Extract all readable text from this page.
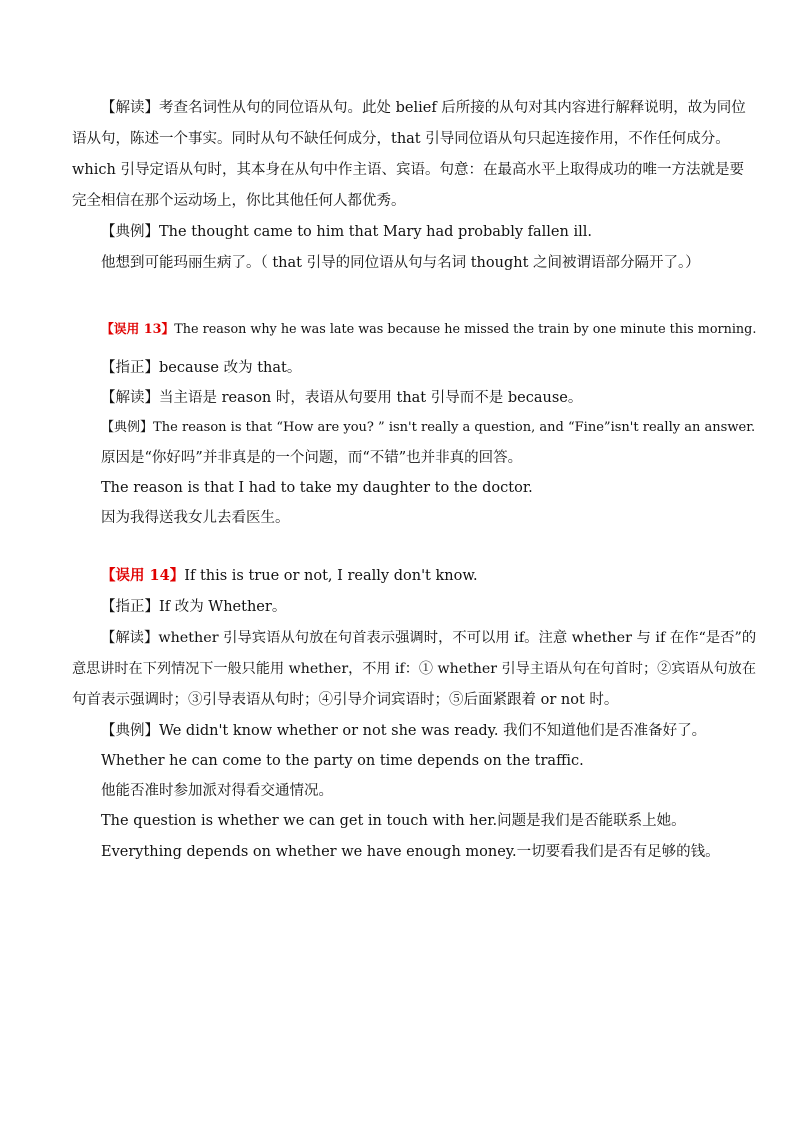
【解读】考查名词性从句的同位语从句。此处 belief 后所接的从句对其内容进行解释说明，故为同位

语从句，陈述一个事实。同时从句不缺任何成分，that 引导同位语从句只起连接作用，不作任何成分。

which 引导定语从句时，其本身在从句中作主语、宾语。句意：在最高水平上取得成功的唯一方法就是要

完全相信在那个运动场上，你比其他任何人都优秀。

【典例】The thought came to him that Mary had probably fallen ill.

他想到可能玛丽生病了。（ that 引导的同位语从句与名词 thought 之间被谓语部分隔开了。）

【误用 13】The reason why he was late was because he missed the train by one minute this morning.

【指正】because 改为 that。

【解读】当主语是 reason 时，表语从句要用 that 引导而不是 because。

【典例】The reason is that “How are you? ” isn't really a question, and “Fine”isn't really an answer.

原因是“你好吗”并非真是的一个问题，而“不错”也并非真的回答。

The reason is that I had to take my daughter to the doctor.

因为我得送我女儿去看医生。

【误用 14】If this is true or not, I really don't know.

【指正】If 改为 Whether。

【解读】whether 引导宾语从句放在句首表示强调时，不可以用 if。注意 whether 与 if 在作“是否”的

意思讲时在下列情况下一般只能用 whether，不用 if：① whether 引导主语从句在句首时；②宾语从句放在

句首表示强调时；③引导表语从句时；④引导介词宾语时；⑤后面紧跟着 or not 时。

【典例】We didn't know whether or not she was ready. 我们不知道他们是否准备好了。

Whether he can come to the party on time depends on the traffic.

他能否准时参加派对得看交通情况。

The question is whether we can get in touch with her.问题是我们是否能联系上她。

Everything depends on whether we have enough money.一切要看我们是否有足够的钱。
